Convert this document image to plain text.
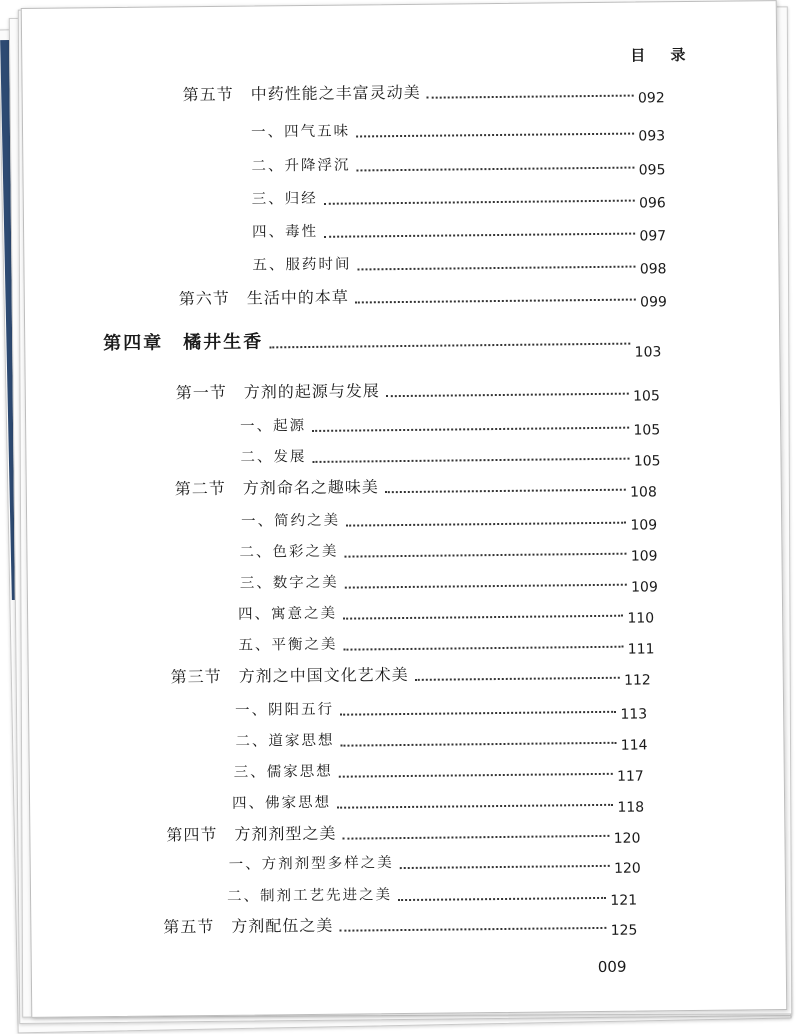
目 录
第五节　中药性能之丰富灵动美	092
一、四气五味	093
二、升降浮沉	095
三、归经	096
四、毒性	097
五、服药时间	098
第六节　生活中的本草	099
第四章　橘井生香	103
第一节　方剂的起源与发展	105
一、起源	105
二、发展	105
第二节　方剂命名之趣味美	108
一、简约之美	109
二、色彩之美	109
三、数字之美	109
四、寓意之美	110
五、平衡之美	111
第三节　方剂之中国文化艺术美	112
一、阴阳五行	113
二、道家思想	114
三、儒家思想	117
四、佛家思想	118
第四节　方剂剂型之美	120
一、方剂剂型多样之美	120
二、制剂工艺先进之美	121
第五节　方剂配伍之美	125
009
